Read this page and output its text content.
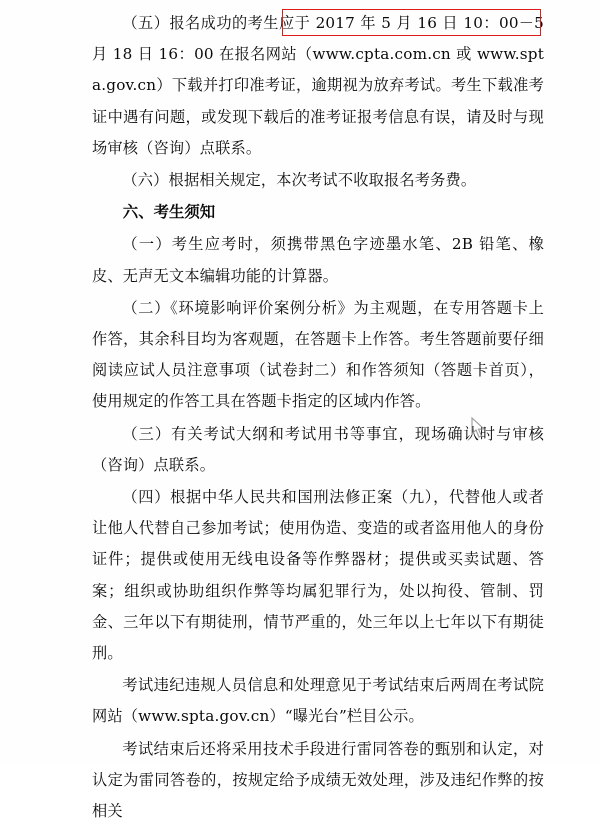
（五）报名成功的考生应于 2017 年 5 月 16 日 10：00－5 月 18 日 16：00 在报名网站（www.cpta.com.cn 或 www.spta.gov.cn）下载并打印准考证，逾期视为放弃考试。考生下载准考证中遇有问题，或发现下载后的准考证报考信息有误，请及时与现场审核（咨询）点联系。

（六）根据相关规定，本次考试不收取报名考务费。

六、考生须知

（一）考生应考时，须携带黑色字迹墨水笔、2B 铅笔、橡皮、无声无文本编辑功能的计算器。

（二）《环境影响评价案例分析》为主观题，在专用答题卡上作答，其余科目均为客观题，在答题卡上作答。考生答题前要仔细阅读应试人员注意事项（试卷封二）和作答须知（答题卡首页），使用规定的作答工具在答题卡指定的区域内作答。

（三）有关考试大纲和考试用书等事宜，现场确认时与审核（咨询）点联系。

（四）根据中华人民共和国刑法修正案（九），代替他人或者让他人代替自己参加考试；使用伪造、变造的或者盗用他人的身份证件；提供或使用无线电设备等作弊器材；提供或买卖试题、答案；组织或协助组织作弊等均属犯罪行为，处以拘役、管制、罚金、三年以下有期徒刑，情节严重的，处三年以上七年以下有期徒刑。

考试违纪违规人员信息和处理意见于考试结束后两周在考试院网站（www.spta.gov.cn）“曝光台”栏目公示。

考试结束后还将采用技术手段进行雷同答卷的甄别和认定，对认定为雷同答卷的，按规定给予成绩无效处理，涉及违纪作弊的按相关
